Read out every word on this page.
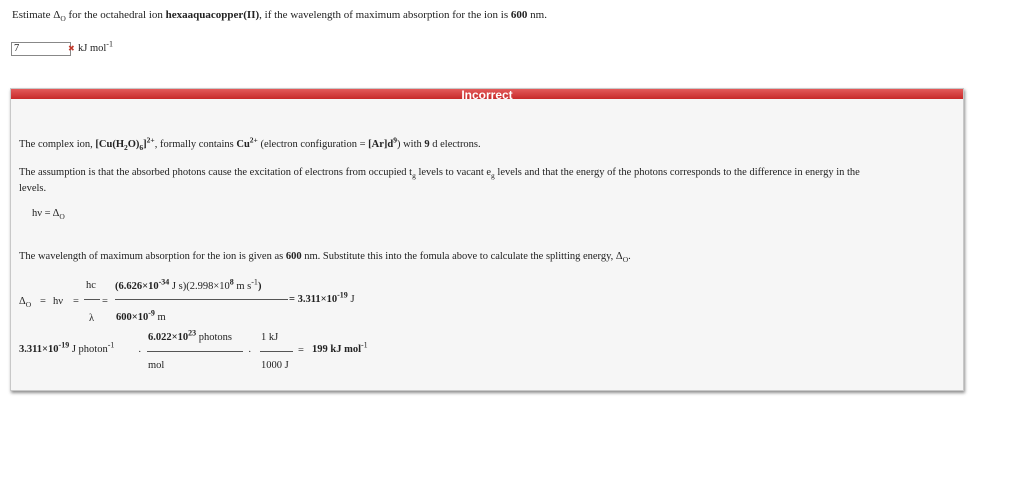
Estimate $\Delta_O$ for the octahedral ion hexaaquacopper(II), if the wavelength of maximum absorption for the ion is 600 nm.
7	✖ kJ mol$^{-1}$
Incorrect
The complex ion, $[Cu(H_2O)_6]^{2+}$, formally contains $Cu^{2+}$ (electron configuration = $[Ar]d^9$) with 9 d electrons.
The assumption is that the absorbed photons cause the excitation of electrons from occupied $t_g$ levels to vacant $e_g$ levels and that the energy of the photons corresponds to the difference in energy in the
levels.
$h\nu = \Delta_O$
The wavelength of maximum absorption for the ion is given as 600 nm. Substitute this into the fomula above to calculate the splitting energy, $\Delta_O$.
$\Delta_O = h\nu$ =
hc
λ
=
($6.626\times 10^{-34}$ J $s)(2.998\times 10^8$ m $s^{-1}$)
$600\times 10^{-9}$ m
= $3.311\times 10^{-19}$ J
$3.311\times 10^{-19}$ J photon$^{-1}$
·
$6.022\times 10^{23}$ photons
mol
·
1 kJ
1000 J
= 199 kJ mol$^{-1}$
